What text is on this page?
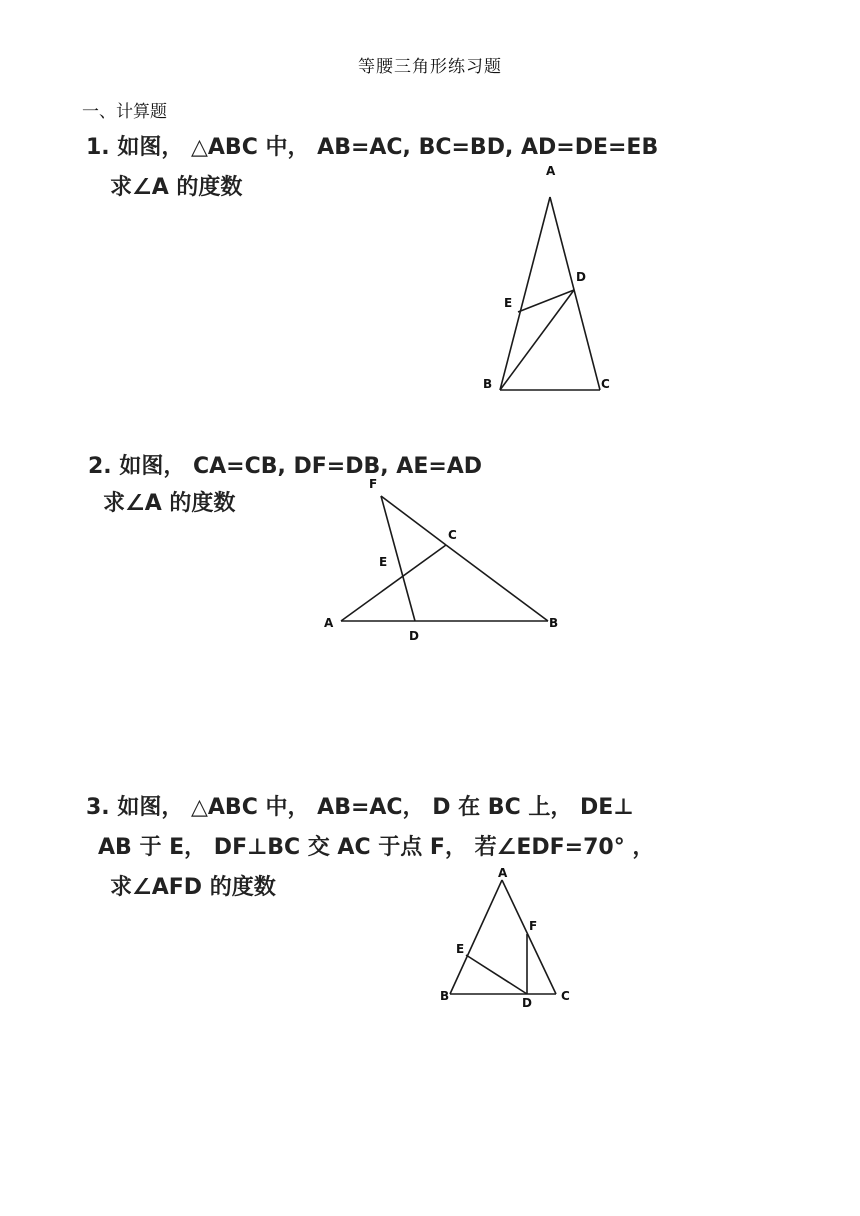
等腰三角形练习题
一、计算题
1. 如图， △ABC 中， AB=AC, BC=BD, AD=DE=EB
求∠A 的度数
A
B	C
D
E
2. 如图， CA=CB, DF=DB, AE=AD
求∠A 的度数
F
C
E
A
D
B
3. 如图， △ABC 中， AB=AC， D 在 BC 上， DE⊥
AB 于 E， DF⊥BC 交 AC 于点 F， 若∠EDF=70° ，
求∠AFD 的度数
A
F
E
B	D C
